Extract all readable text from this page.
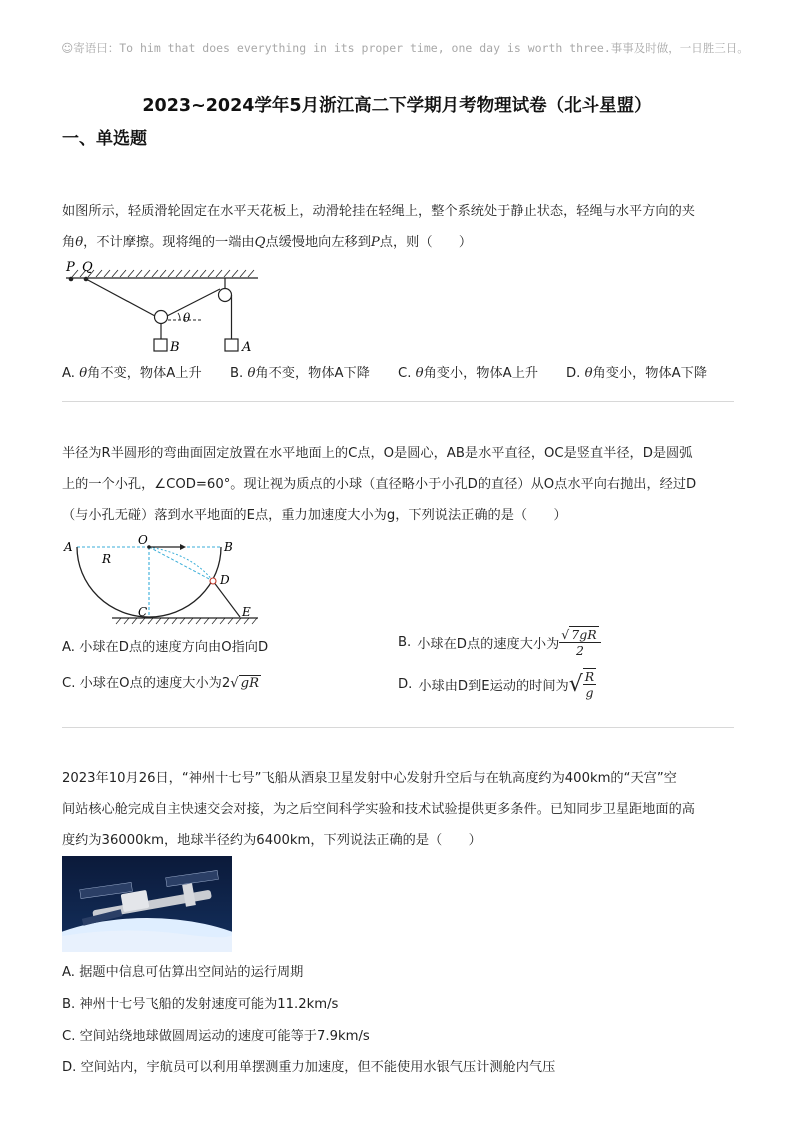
☺寄语曰：To him that does everything in its proper time, one day is worth three.事事及时做，一日胜三日。
2023~2024学年5月浙江高二下学期月考物理试卷（北斗星盟）
一、单选题
如图所示，轻质滑轮固定在水平天花板上，动滑轮挂在轻绳上，整个系统处于静止状态，轻绳与水平方向的夹
角θ，不计摩擦。现将绳的一端由Q点缓慢地向左移到P点，则（　　）
P Q
θ
B	A
A. θ角不变，物体A上升 B. θ角不变，物体A下降 C. θ角变小，物体A上升 D. θ角变小，物体A下降
半径为R半圆形的弯曲面固定放置在水平地面上的C点，O是圆心，AB是水平直径，OC是竖直半径，D是圆弧
上的一个小孔，∠COD=60°。现让视为质点的小球（直径略小于小孔D的直径）从O点水平向右抛出，经过D
（与小孔无碰）落到水平地面的E点，重力加速度大小为g，下列说法正确的是（　　）
A	O	B
R
D
C	E
A. 小球在D点的速度方向由O指向D	B. 小球在D点的速度大小为 $\frac{√ 7gR}{2}$
C. 小球在O点的速度大小为2√ gR	D. 小球由D到E运动的时间为 √ $\frac{R}{g}$
2023年10月26日，“神州十七号”飞船从酒泉卫星发射中心发射升空后与在轨高度约为400km的“天宫”空
间站核心舱完成自主快速交会对接，为之后空间科学实验和技术试验提供更多条件。已知同步卫星距地面的高
度约为36000km，地球半径约为6400km，下列说法正确的是（　　）
A. 据题中信息可估算出空间站的运行周期
B. 神州十七号飞船的发射速度可能为11.2km/s
C. 空间站绕地球做圆周运动的速度可能等于7.9km/s
D. 空间站内，宇航员可以利用单摆测重力加速度，但不能使用水银气压计测舱内气压
